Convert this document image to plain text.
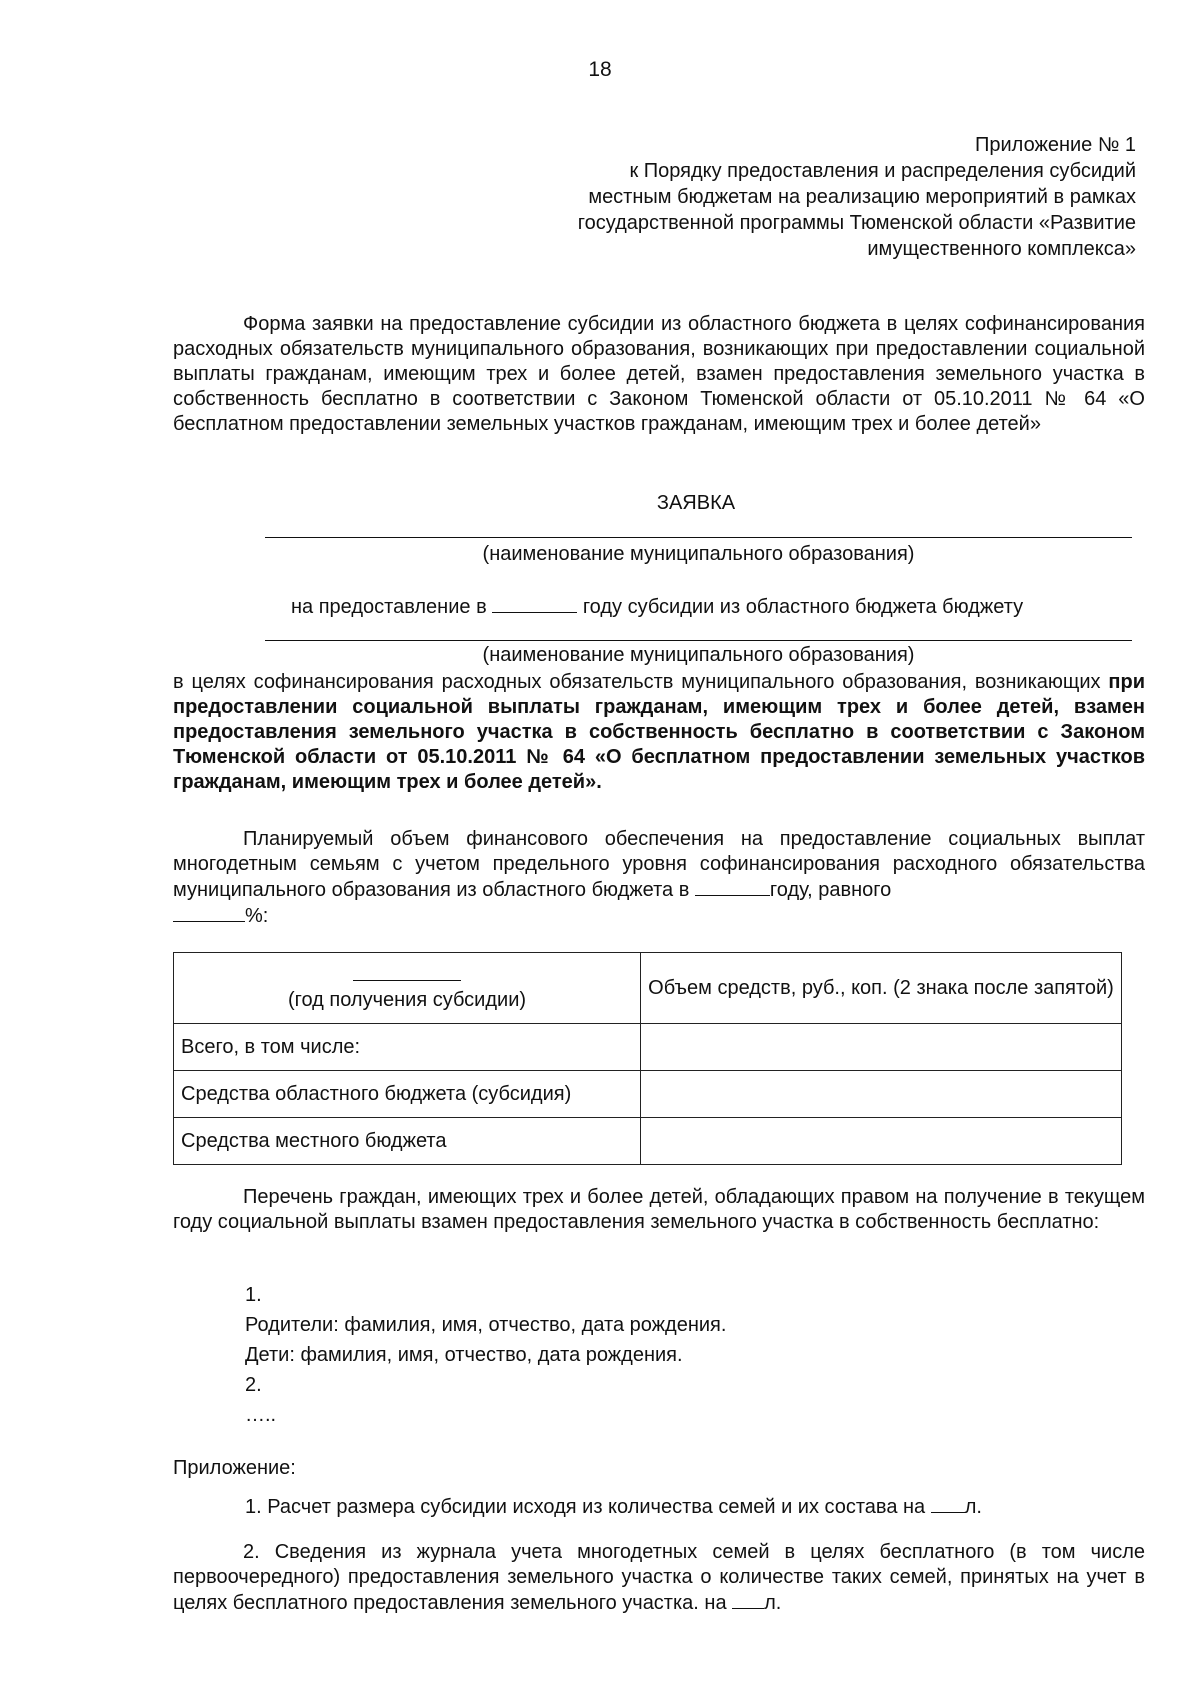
18
Приложение № 1
к Порядку предоставления и распределения субсидий
местным бюджетам на реализацию мероприятий в рамках
государственной программы Тюменской области «Развитие
имущественного комплекса»
Форма заявки на предоставление субсидии из областного бюджета в целях софинансирования расходных обязательств муниципального образования, возникающих при предоставлении социальной выплаты гражданам, имеющим трех и более детей, взамен предоставления земельного участка в собственность бесплатно в соответствии с Законом Тюменской области от 05.10.2011 № 64 «О бесплатном предоставлении земельных участков гражданам, имеющим трех и более детей»
ЗАЯВКА
(наименование муниципального образования)
на предоставление в	году субсидии из областного бюджета бюджету
(наименование муниципального образования)
в целях софинансирования расходных обязательств муниципального образования, возникающих при предоставлении социальной выплаты гражданам, имеющим трех и более детей, взамен предоставления земельного участка в собственность бесплатно в соответствии с Законом Тюменской области от 05.10.2011 № 64 «О бесплатном предоставлении земельных участков гражданам, имеющим трех и более детей».
Планируемый объем финансового обеспечения на предоставление социальных выплат многодетным семьям с учетом предельного уровня софинансирования расходного обязательства муниципального образования из областного бюджета в	году, равного
%:
(год получения субсидии)	Объем средств, руб., коп. (2 знака после запятой)
Всего, в том числе:	
Средства областного бюджета (субсидия)	
Средства местного бюджета	
Перечень граждан, имеющих трех и более детей, обладающих правом на получение в текущем году социальной выплаты взамен предоставления земельного участка в собственность бесплатно:
1.
Родители: фамилия, имя, отчество, дата рождения.
Дети: фамилия, имя, отчество, дата рождения.
2.
…..
Приложение:
1. Расчет размера субсидии исходя из количества семей и их состава на л.
2. Сведения из журнала учета многодетных семей в целях бесплатного (в том числе первоочередного) предоставления земельного участка о количестве таких семей, принятых на учет в целях бесплатного предоставления земельного участка. на л.
